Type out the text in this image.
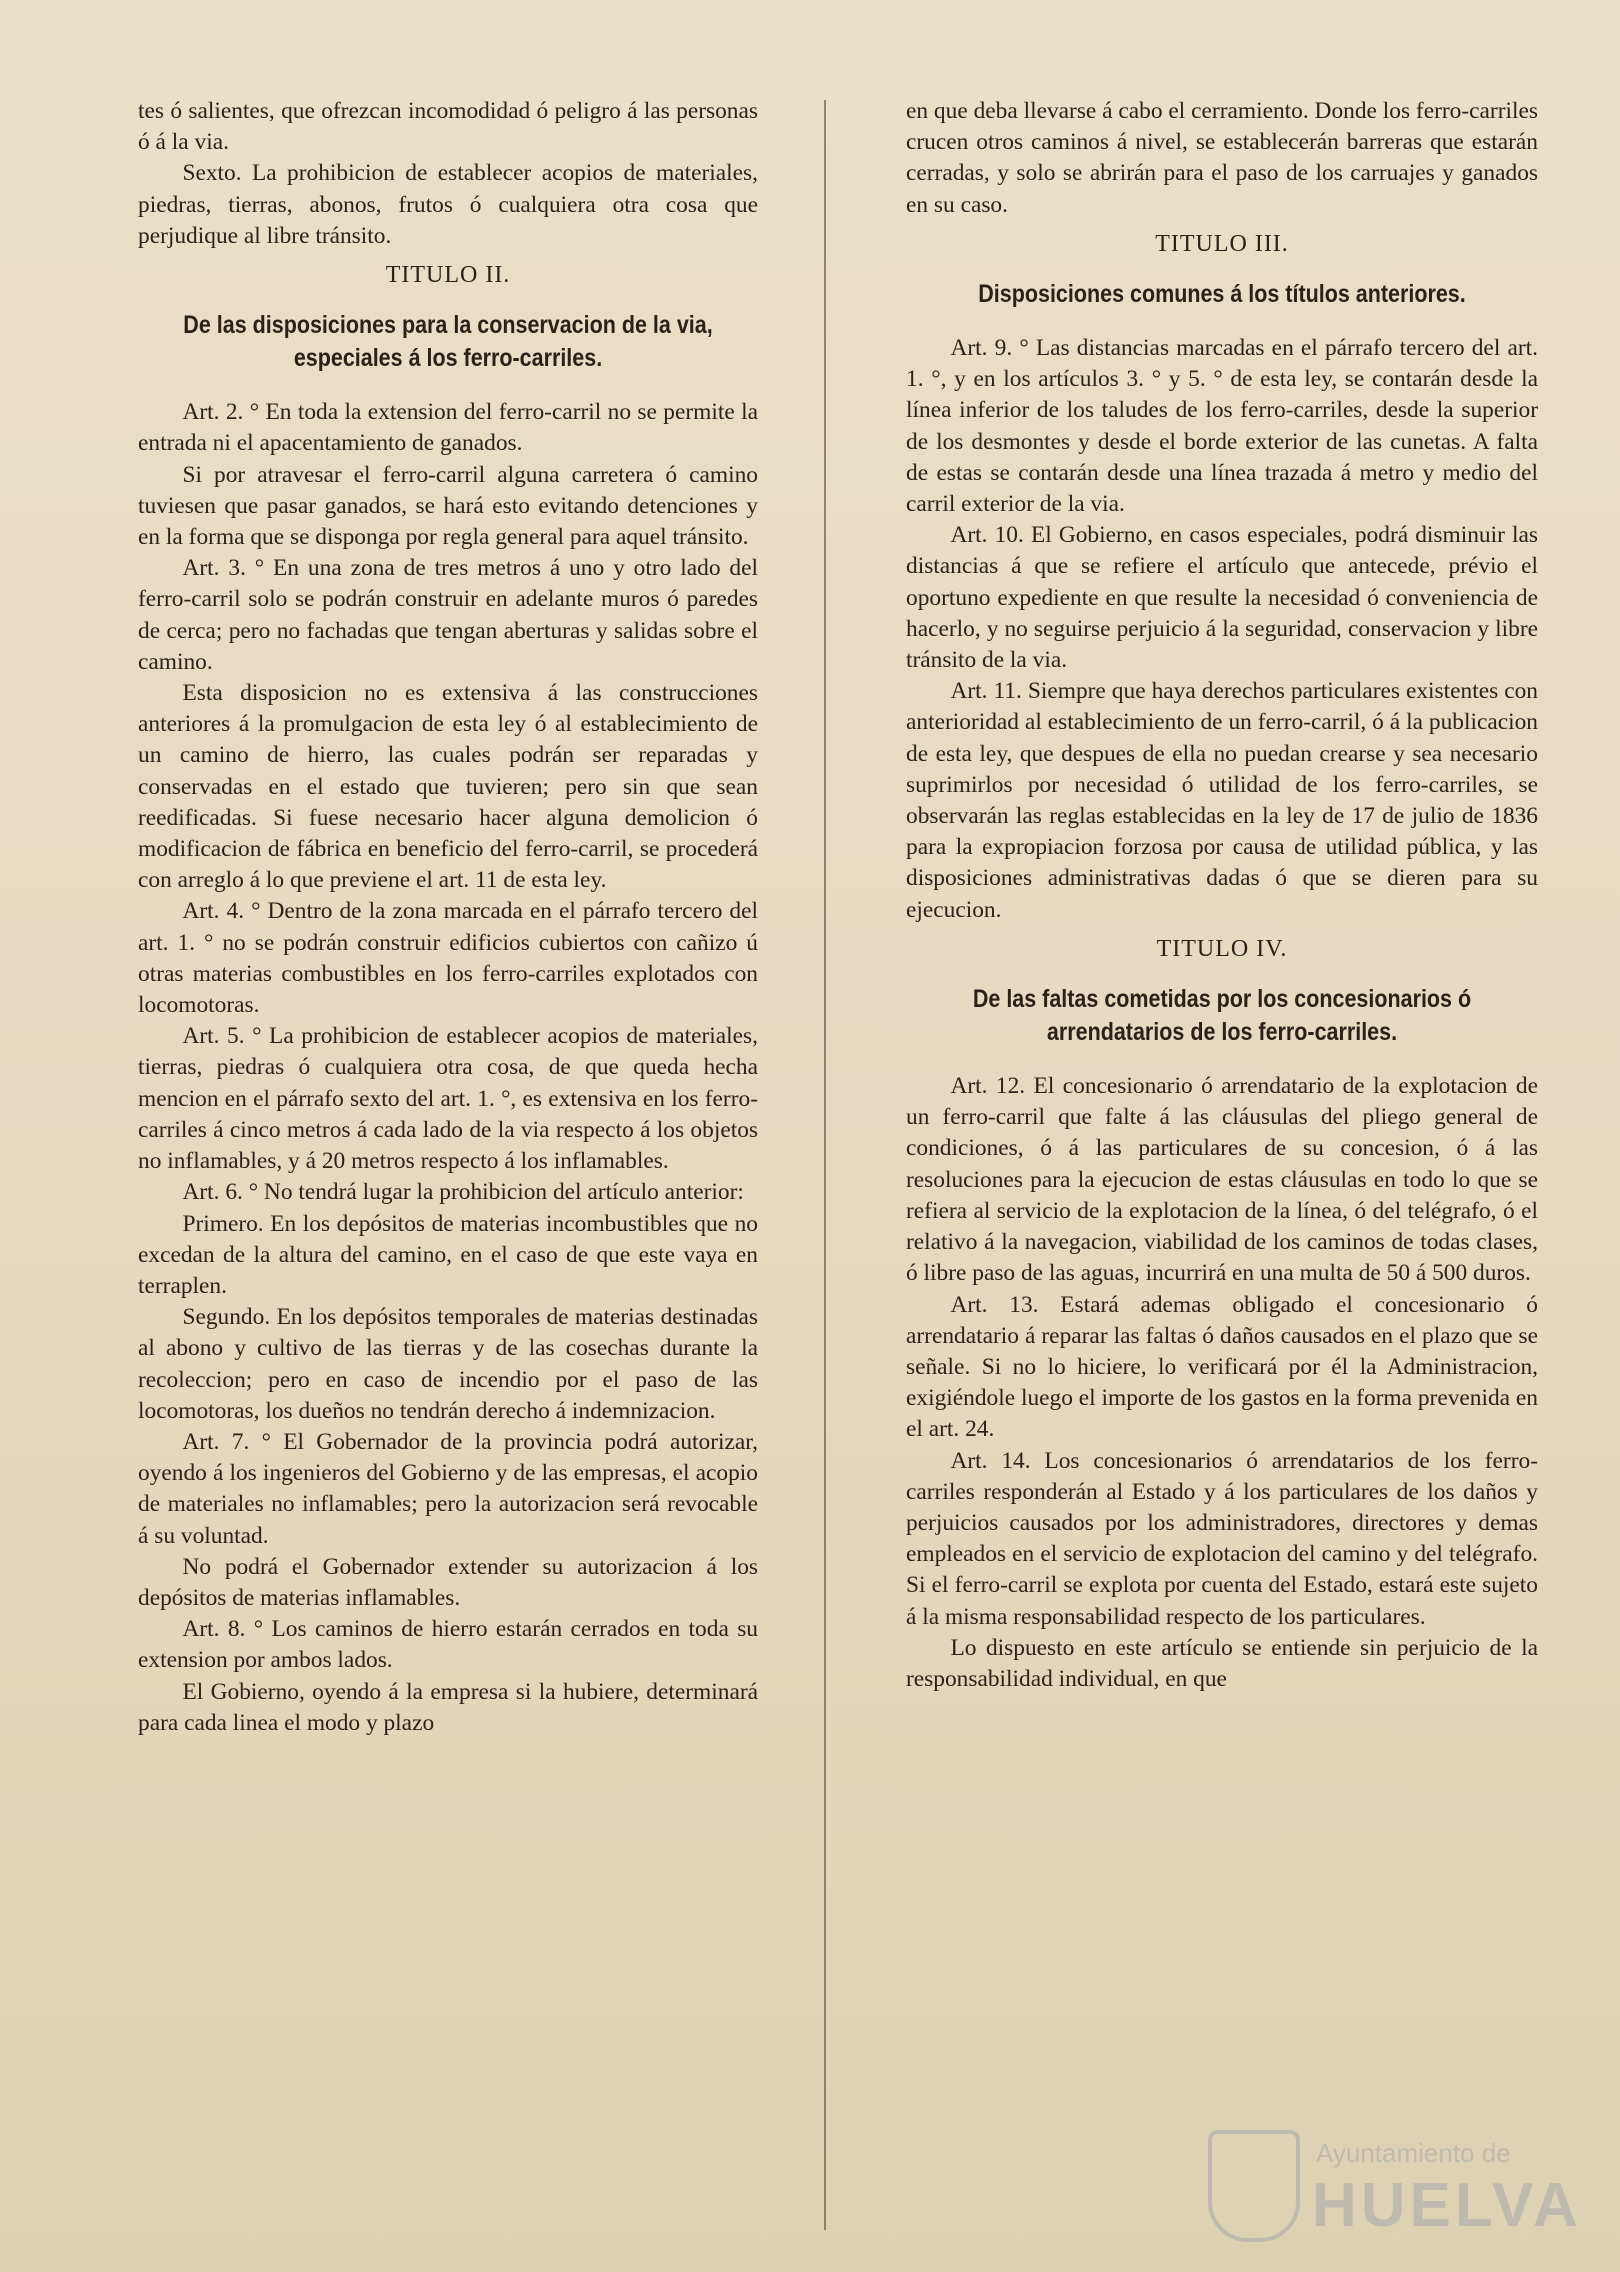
tes ó salientes, que ofrezcan incomodidad ó peligro á las personas ó á la via.

Sexto. La prohibicion de establecer acopios de materiales, piedras, tierras, abonos, frutos ó cualquiera otra cosa que perjudique al libre tránsito.

TITULO II.
De las disposiciones para la conservacion de la via, especiales á los ferro-carriles.

Art. 2. ° En toda la extension del ferro-carril no se permite la entrada ni el apacentamiento de ganados.

Si por atravesar el ferro-carril alguna carretera ó camino tuviesen que pasar ganados, se hará esto evitando detenciones y en la forma que se disponga por regla general para aquel tránsito.

Art. 3. ° En una zona de tres metros á uno y otro lado del ferro-carril solo se podrán construir en adelante muros ó paredes de cerca; pero no fachadas que tengan aberturas y salidas sobre el camino.

Esta disposicion no es extensiva á las construcciones anteriores á la promulgacion de esta ley ó al establecimiento de un camino de hierro, las cuales podrán ser reparadas y conservadas en el estado que tuvieren; pero sin que sean reedificadas. Si fuese necesario hacer alguna demolicion ó modificacion de fábrica en beneficio del ferro-carril, se procederá con arreglo á lo que previene el art. 11 de esta ley.

Art. 4. ° Dentro de la zona marcada en el párrafo tercero del art. 1. ° no se podrán construir edificios cubiertos con cañizo ú otras materias combustibles en los ferro-carriles explotados con locomotoras.

Art. 5. ° La prohibicion de establecer acopios de materiales, tierras, piedras ó cualquiera otra cosa, de que queda hecha mencion en el párrafo sexto del art. 1. °, es extensiva en los ferro-carriles á cinco metros á cada lado de la via respecto á los objetos no inflamables, y á 20 metros respecto á los inflamables.

Art. 6. ° No tendrá lugar la prohibicion del artículo anterior:

Primero. En los depósitos de materias incombustibles que no excedan de la altura del camino, en el caso de que este vaya en terraplen.

Segundo. En los depósitos temporales de materias destinadas al abono y cultivo de las tierras y de las cosechas durante la recoleccion; pero en caso de incendio por el paso de las locomotoras, los dueños no tendrán derecho á indemnizacion.

Art. 7. ° El Gobernador de la provincia podrá autorizar, oyendo á los ingenieros del Gobierno y de las empresas, el acopio de materiales no inflamables; pero la autorizacion será revocable á su voluntad.

No podrá el Gobernador extender su autorizacion á los depósitos de materias inflamables.

Art. 8. ° Los caminos de hierro estarán cerrados en toda su extension por ambos lados.

El Gobierno, oyendo á la empresa si la hubiere, determinará para cada linea el modo y plazo

en que deba llevarse á cabo el cerramiento. Donde los ferro-carriles crucen otros caminos á nivel, se establecerán barreras que estarán cerradas, y solo se abrirán para el paso de los carruajes y ganados en su caso.

TITULO III.
Disposiciones comunes á los títulos anteriores.

Art. 9. ° Las distancias marcadas en el párrafo tercero del art. 1. °, y en los artículos 3. ° y 5. ° de esta ley, se contarán desde la línea inferior de los taludes de los ferro-carriles, desde la superior de los desmontes y desde el borde exterior de las cunetas. A falta de estas se contarán desde una línea trazada á metro y medio del carril exterior de la via.

Art. 10. El Gobierno, en casos especiales, podrá disminuir las distancias á que se refiere el artículo que antecede, prévio el oportuno expediente en que resulte la necesidad ó conveniencia de hacerlo, y no seguirse perjuicio á la seguridad, conservacion y libre tránsito de la via.

Art. 11. Siempre que haya derechos particulares existentes con anterioridad al establecimiento de un ferro-carril, ó á la publicacion de esta ley, que despues de ella no puedan crearse y sea necesario suprimirlos por necesidad ó utilidad de los ferro-carriles, se observarán las reglas establecidas en la ley de 17 de julio de 1836 para la expropiacion forzosa por causa de utilidad pública, y las disposiciones administrativas dadas ó que se dieren para su ejecucion.

TITULO IV.
De las faltas cometidas por los concesionarios ó arrendatarios de los ferro-carriles.

Art. 12. El concesionario ó arrendatario de la explotacion de un ferro-carril que falte á las cláusulas del pliego general de condiciones, ó á las particulares de su concesion, ó á las resoluciones para la ejecucion de estas cláusulas en todo lo que se refiera al servicio de la explotacion de la línea, ó del telégrafo, ó el relativo á la navegacion, viabilidad de los caminos de todas clases, ó libre paso de las aguas, incurrirá en una multa de 50 á 500 duros.

Art. 13. Estará ademas obligado el concesionario ó arrendatario á reparar las faltas ó daños causados en el plazo que se señale. Si no lo hiciere, lo verificará por él la Administracion, exigiéndole luego el importe de los gastos en la forma prevenida en el art. 24.

Art. 14. Los concesionarios ó arrendatarios de los ferro-carriles responderán al Estado y á los particulares de los daños y perjuicios causados por los administradores, directores y demas empleados en el servicio de explotacion del camino y del telégrafo. Si el ferro-carril se explota por cuenta del Estado, estará este sujeto á la misma responsabilidad respecto de los particulares.

Lo dispuesto en este artículo se entiende sin perjuicio de la responsabilidad individual, en que

Ayuntamiento de
HUELVA
